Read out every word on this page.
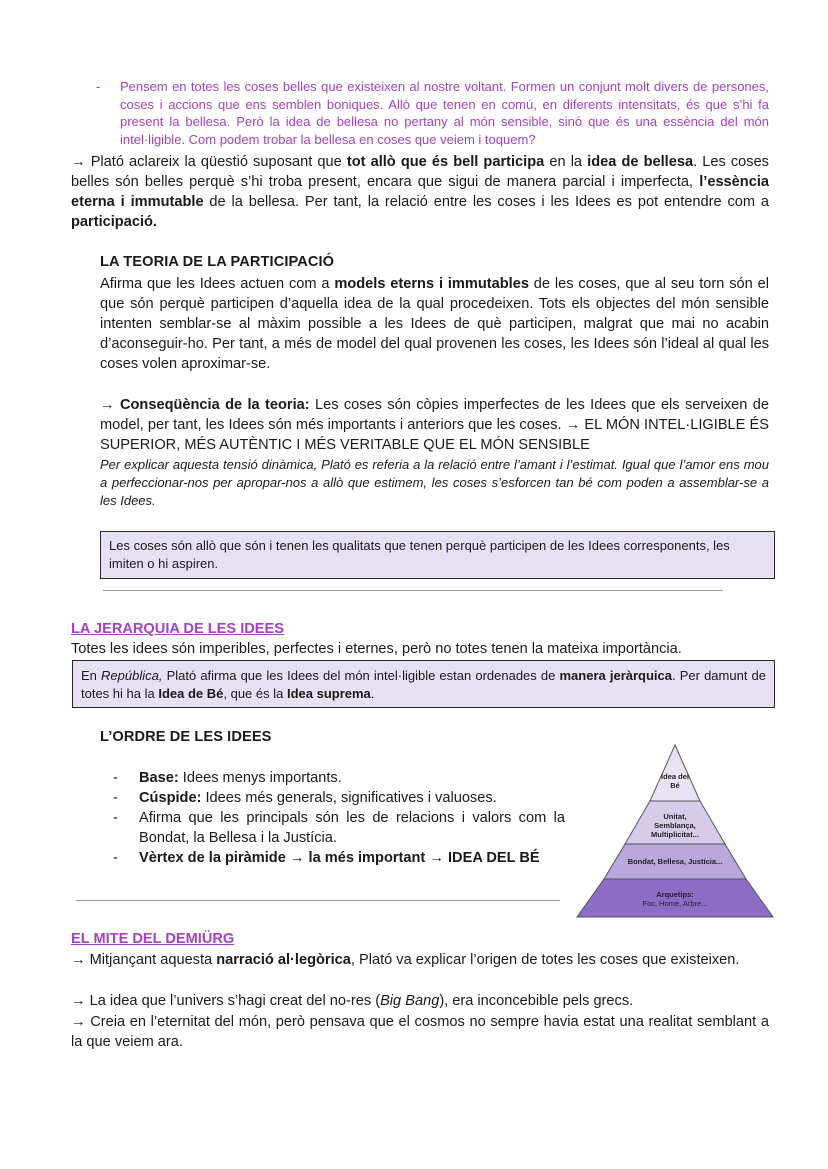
- Pensem en totes les coses belles que existeixen al nostre voltant. Formen un conjunt molt divers de persones, coses i accions que ens semblen boniques. Allò que tenen en comú, en diferents intensitats, és que s’hi fa present la bellesa. Però la idea de bellesa no pertany al món sensible, sinó que és una essència del món intel·ligible. Com podem trobar la bellesa en coses que veiem i toquem?

→ Plató aclareix la qüestió suposant que tot allò que és bell participa en la idea de bellesa. Les coses belles són belles perquè s’hi troba present, encara que sigui de manera parcial i imperfecta, l’essència eterna i immutable de la bellesa. Per tant, la relació entre les coses i les Idees es pot entendre com a participació.

LA TEORIA DE LA PARTICIPACIÓ

Afirma que les Idees actuen com a models eterns i immutables de les coses, que al seu torn són el que són perquè participen d’aquella idea de la qual procedeixen. Tots els objectes del món sensible intenten semblar-se al màxim possible a les Idees de què participen, malgrat que mai no acabin d’aconseguir-ho. Per tant, a més de model del qual provenen les coses, les Idees són l’ideal al qual les coses volen aproximar-se.

→ Conseqüència de la teoria: Les coses són còpies imperfectes de les Idees que els serveixen de model, per tant, les Idees són més importants i anteriors que les coses. → EL MÓN INTEL·LIGIBLE ÉS SUPERIOR, MÉS AUTÈNTIC I MÉS VERITABLE QUE EL MÓN SENSIBLE

Per explicar aquesta tensió dinàmica, Plató es referia a la relació entre l’amant i l’estimat. Igual que l’amor ens mou a perfeccionar-nos per apropar-nos a allò que estimem, les coses s’esforcen tan bé com poden a assemblar-se a les Idees.

Les coses són allò que són i tenen les qualitats que tenen perquè participen de les Idees corresponents, les imiten o hi aspiren.
LA JERARQUIA DE LES IDEES

Totes les idees són imperibles, perfectes i eternes, però no totes tenen la mateixa importància.

En República, Plató afirma que les Idees del món intel·ligible estan ordenades de manera jeràrquica. Per damunt de totes hi ha la Idea de Bé, que és la Idea suprema.
L’ORDRE DE LES IDEES
- Base: Idees menys importants.
- Cúspide: Idees més generals, significatives i valuoses.
- Afirma que les principals són les de relacions i valors com la Bondat, la Bellesa i la Justícia.
- Vèrtex de la piràmide → la més important → IDEA DEL BÉ
Idea del Bé
Unitat, Semblança, Multiplicitat...
Bondat, Bellesa, Justícia...
Arquetips:
Foc, Home, Arbre...
EL MITE DEL DEMIÜRG

→ Mitjançant aquesta narració al·legòrica, Plató va explicar l’origen de totes les coses que existeixen.

→ La idea que l’univers s’hagi creat del no-res (Big Bang), era inconcebible pels grecs.

→ Creia en l’eternitat del món, però pensava que el cosmos no sempre havia estat una realitat semblant a la que veiem ara.
